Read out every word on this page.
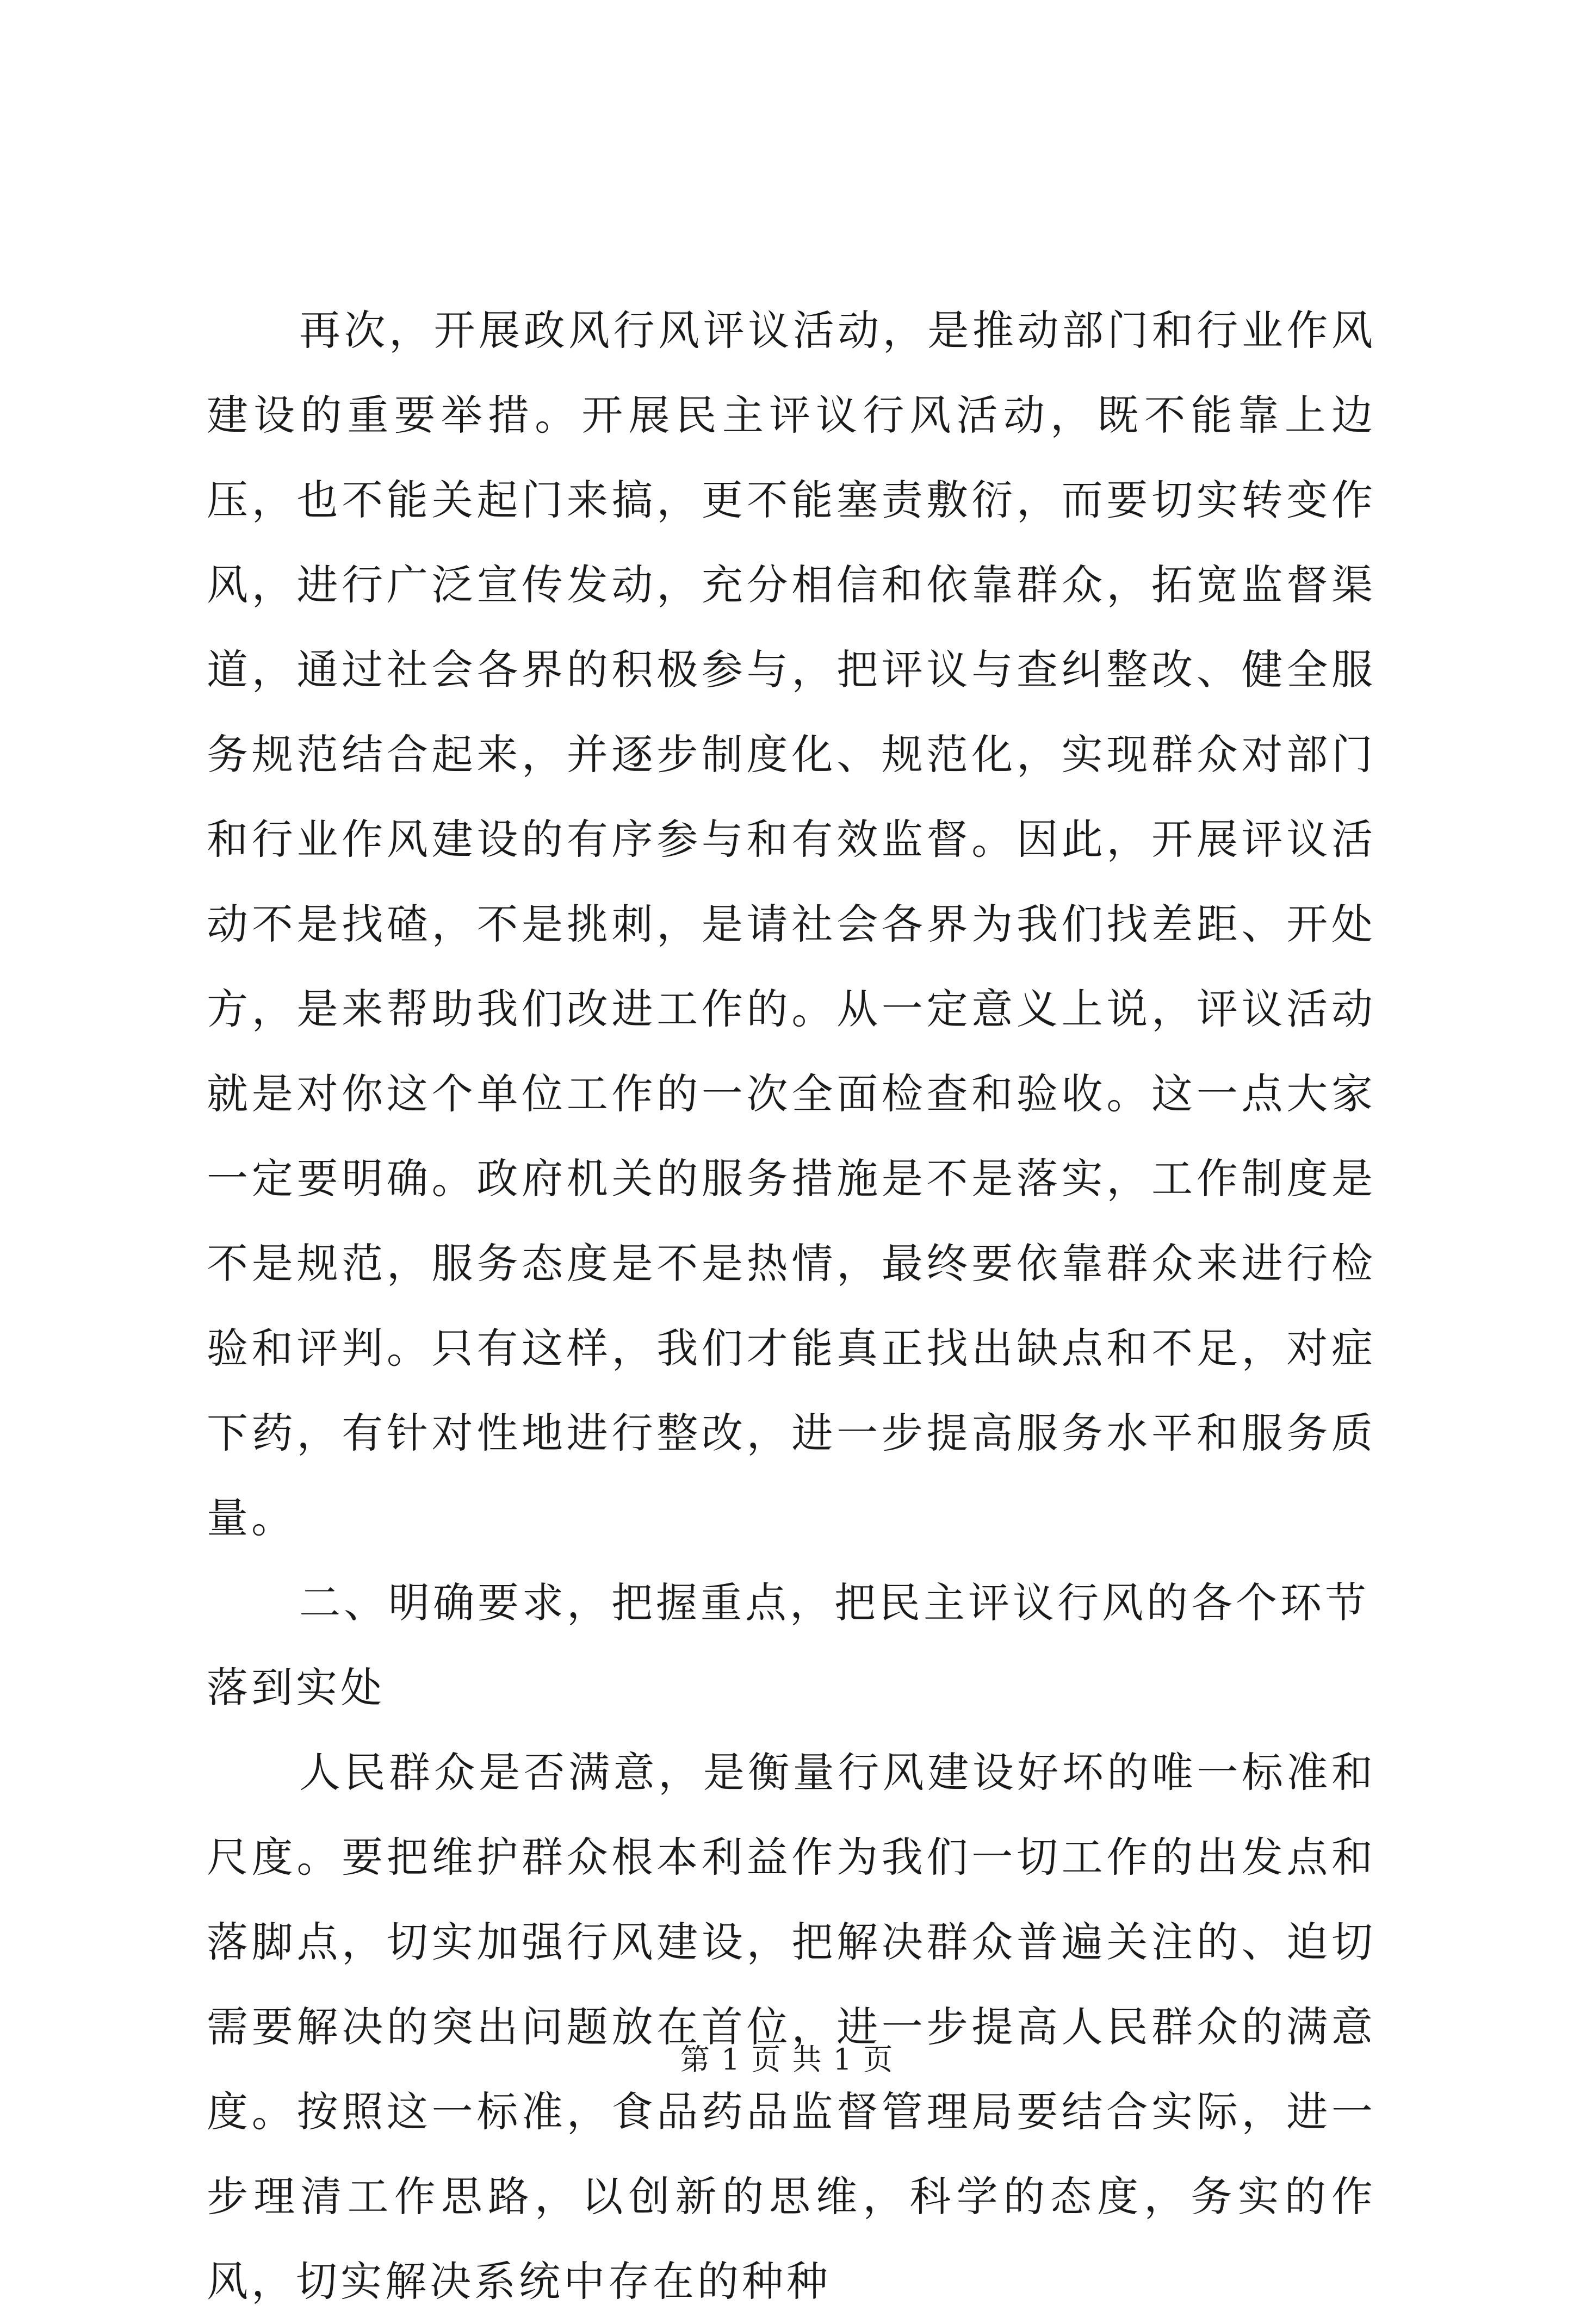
再次，开展政风行风评议活动，是推动部门和行业作风建设的重要举措。开展民主评议行风活动，既不能靠上边压，也不能关起门来搞，更不能塞责敷衍，而要切实转变作风，进行广泛宣传发动，充分相信和依靠群众，拓宽监督渠道，通过社会各界的积极参与，把评议与查纠整改、健全服务规范结合起来，并逐步制度化、规范化，实现群众对部门和行业作风建设的有序参与和有效监督。因此，开展评议活动不是找碴，不是挑刺，是请社会各界为我们找差距、开处方，是来帮助我们改进工作的。从一定意义上说，评议活动就是对你这个单位工作的一次全面检查和验收。这一点大家一定要明确。政府机关的服务措施是不是落实，工作制度是不是规范，服务态度是不是热情，最终要依靠群众来进行检验和评判。只有这样，我们才能真正找出缺点和不足，对症下药，有针对性地进行整改，进一步提高服务水平和服务质量。

二、明确要求，把握重点，把民主评议行风的各个环节落到实处

人民群众是否满意，是衡量行风建设好坏的唯一标准和尺度。要把维护群众根本利益作为我们一切工作的出发点和落脚点，切实加强行风建设，把解决群众普遍关注的、迫切需要解决的突出问题放在首位，进一步提高人民群众的满意度。按照这一标准，食品药品监督管理局要结合实际，进一步理清工作思路，以创新的思维，科学的态度，务实的作风，切实解决系统中存在的种种

第 1 页 共 1 页
